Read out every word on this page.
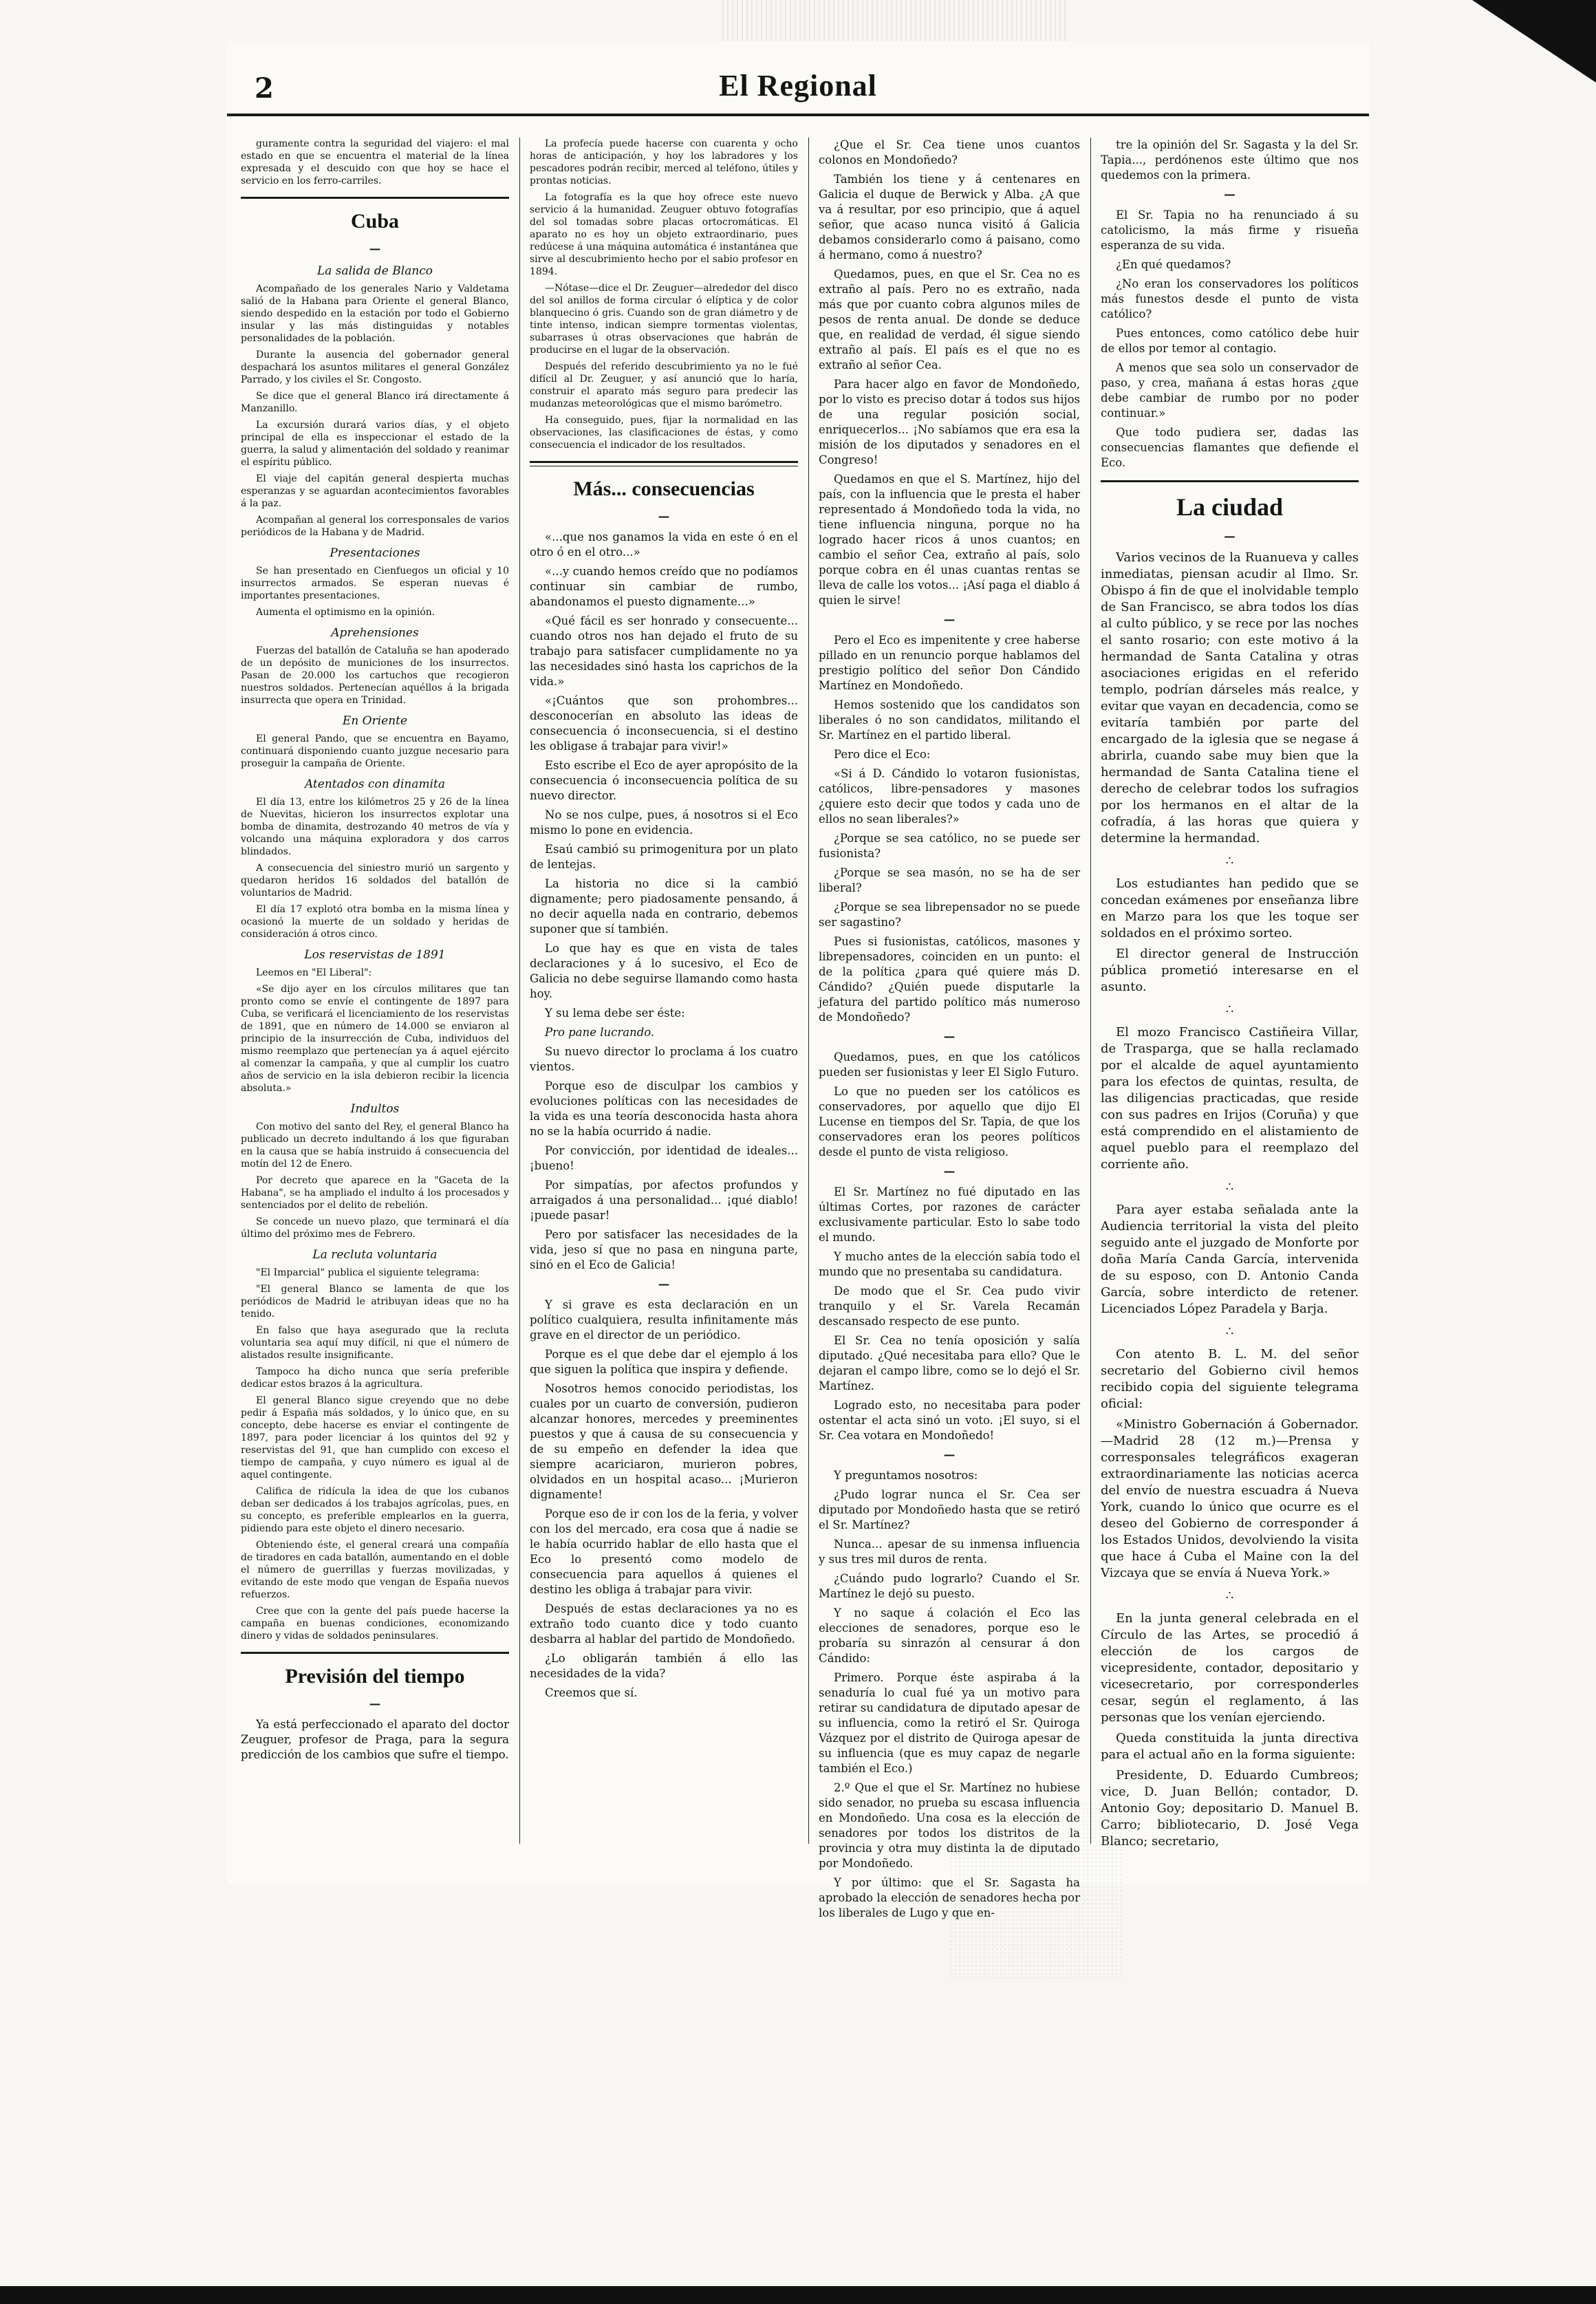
2	El Regional

guramente contra la seguridad del viajero: el mal estado en que se encuentra el material de la línea expresada y el descuido con que hoy se hace el servicio en los ferro-carriles.

Cuba
—
La salida de Blanco

Acompañado de los generales Nario y Valdetama salió de la Habana para Oriente el general Blanco, siendo despedido en la estación por todo el Gobierno insular y las más distinguidas y notables personalidades de la población.

Durante la ausencia del gobernador general despachará los asuntos militares el general González Parrado, y los civiles el Sr. Congosto.

Se dice que el general Blanco irá directamente á Manzanillo.

La excursión durará varios días, y el objeto principal de ella es inspeccionar el estado de la guerra, la salud y alimentación del soldado y reanimar el espíritu público.

El viaje del capitán general despierta muchas esperanzas y se aguardan acontecimientos favorables á la paz.

Acompañan al general los corresponsales de varios periódicos de la Habana y de Madrid.

Presentaciones

Se han presentado en Cienfuegos un oficial y 10 insurrectos armados. Se esperan nuevas é importantes presentaciones.

Aumenta el optimismo en la opinión.

Aprehensiones

Fuerzas del batallón de Cataluña se han apoderado de un depósito de municiones de los insurrectos. Pasan de 20.000 los cartuchos que recogieron nuestros soldados. Pertenecían aquéllos á la brigada insurrecta que opera en Trinidad.

En Oriente

El general Pando, que se encuentra en Bayamo, continuará disponiendo cuanto juzgue necesario para proseguir la campaña de Oriente.

Atentados con dinamita

El día 13, entre los kilómetros 25 y 26 de la línea de Nuevitas, hicieron los insurrectos explotar una bomba de dinamita, destrozando 40 metros de vía y volcando una máquina exploradora y dos carros blindados.

A consecuencia del siniestro murió un sargento y quedaron heridos 16 soldados del batallón de voluntarios de Madrid.

El día 17 explotó otra bomba en la misma línea y ocasionó la muerte de un soldado y heridas de consideración á otros cinco.

Los reservistas de 1891

Leemos en "El Liberal":

«Se dijo ayer en los círculos militares que tan pronto como se envíe el contingente de 1897 para Cuba, se verificará el licenciamiento de los reservistas de 1891, que en número de 14.000 se enviaron al principio de la insurrección de Cuba, individuos del mismo reemplazo que pertenecían ya á aquel ejército al comenzar la campaña, y que al cumplir los cuatro años de servicio en la isla debieron recibir la licencia absoluta.»

Indultos

Con motivo del santo del Rey, el general Blanco ha publicado un decreto indultando á los que figuraban en la causa que se había instruido á consecuencia del motín del 12 de Enero.

Por decreto que aparece en la "Gaceta de la Habana", se ha ampliado el indulto á los procesados y sentenciados por el delito de rebelión.

Se concede un nuevo plazo, que terminará el día último del próximo mes de Febrero.

La recluta voluntaria

"El Imparcial" publica el siguiente telegrama:

"El general Blanco se lamenta de que los periódicos de Madrid le atribuyan ideas que no ha tenido.

En falso que haya asegurado que la recluta voluntaria sea aquí muy difícil, ni que el número de alistados resulte insignificante.

Tampoco ha dicho nunca que sería preferible dedicar estos brazos á la agricultura.

El general Blanco sigue creyendo que no debe pedir á España más soldados, y lo único que, en su concepto, debe hacerse es enviar el contingente de 1897, para poder licenciar á los quintos del 92 y reservistas del 91, que han cumplido con exceso el tiempo de campaña, y cuyo número es igual al de aquel contingente.

Califica de ridícula la idea de que los cubanos deban ser dedicados á los trabajos agrícolas, pues, en su concepto, es preferible emplearlos en la guerra, pidiendo para este objeto el dinero necesario.

Obteniendo éste, el general creará una compañía de tiradores en cada batallón, aumentando en el doble el número de guerrillas y fuerzas movilizadas, y evitando de este modo que vengan de España nuevos refuerzos.

Cree que con la gente del país puede hacerse la campaña en buenas condiciones, economizando dinero y vidas de soldados peninsulares.

Previsión del tiempo
—

Ya está perfeccionado el aparato del doctor Zeuguer, profesor de Praga, para la segura predicción de los cambios que sufre el tiempo.

La profecía puede hacerse con cuarenta y ocho horas de anticipación, y hoy los labradores y los pescadores podrán recibir, merced al teléfono, útiles y prontas noticias.

La fotografía es la que hoy ofrece este nuevo servicio á la humanidad. Zeuguer obtuvo fotografías del sol tomadas sobre placas ortocromáticas. El aparato no es hoy un objeto extraordinario, pues redúcese á una máquina automática é instantánea que sirve al descubrimiento hecho por el sabio profesor en 1894.

—Nótase—dice el Dr. Zeuguer—alrededor del disco del sol anillos de forma circular ó elíptica y de color blanquecino ó gris. Cuando son de gran diámetro y de tinte intenso, indican siempre tormentas violentas, subarrases ú otras observaciones que habrán de producirse en el lugar de la observación.

Después del referido descubrimiento ya no le fué difícil al Dr. Zeuguer, y así anunció que lo haría, construir el aparato más seguro para predecir las mudanzas meteorológicas que el mismo barómetro.

Ha conseguido, pues, fijar la normalidad en las observaciones, las clasificaciones de éstas, y como consecuencia el indicador de los resultados.

Más... consecuencias
—

«...que nos ganamos la vida en este ó en el otro ó en el otro...»

«...y cuando hemos creído que no podíamos continuar sin cambiar de rumbo, abandonamos el puesto dignamente...»

«Qué fácil es ser honrado y consecuente... cuando otros nos han dejado el fruto de su trabajo para satisfacer cumplidamente no ya las necesidades sinó hasta los caprichos de la vida.»

«¡Cuántos que son prohombres... desconocerían en absoluto las ideas de consecuencia ó inconsecuencia, si el destino les obligase á trabajar para vivir!»

Esto escribe el Eco de ayer apropósito de la consecuencia ó inconsecuencia política de su nuevo director.

No se nos culpe, pues, á nosotros si el Eco mismo lo pone en evidencia.

Esaú cambió su primogenitura por un plato de lentejas.

La historia no dice si la cambió dignamente; pero piadosamente pensando, á no decir aquella nada en contrario, debemos suponer que sí también.

Lo que hay es que en vista de tales declaraciones y á lo sucesivo, el Eco de Galicia no debe seguirse llamando como hasta hoy.

Y su lema debe ser éste:

Pro pane lucrando.

Su nuevo director lo proclama á los cuatro vientos.

Porque eso de disculpar los cambios y evoluciones políticas con las necesidades de la vida es una teoría desconocida hasta ahora no se la había ocurrido á nadie.

Por convicción, por identidad de ideales... ¡bueno!

Por simpatías, por afectos profundos y arraigados á una personalidad... ¡qué diablo! ¡puede pasar!

Pero por satisfacer las necesidades de la vida, jeso sí que no pasa en ninguna parte, sinó en el Eco de Galicia!

—

Y si grave es esta declaración en un político cualquiera, resulta infinitamente más grave en el director de un periódico.

Porque es el que debe dar el ejemplo á los que siguen la política que inspira y defiende.

Nosotros hemos conocido periodistas, los cuales por un cuarto de conversión, pudieron alcanzar honores, mercedes y preeminentes puestos y que á causa de su consecuencia y de su empeño en defender la idea que siempre acariciaron, murieron pobres, olvidados en un hospital acaso... ¡Murieron dignamente!

Porque eso de ir con los de la feria, y volver con los del mercado, era cosa que á nadie se le había ocurrido hablar de ello hasta que el Eco lo presentó como modelo de consecuencia para aquellos á quienes el destino les obliga á trabajar para vivir.

Después de estas declaraciones ya no es extraño todo cuanto dice y todo cuanto desbarra al hablar del partido de Mondoñedo.

¿Lo obligarán también á ello las necesidades de la vida?

Creemos que sí.

¿Que el Sr. Cea tiene unos cuantos colonos en Mondoñedo?

También los tiene y á centenares en Galicia el duque de Berwick y Alba. ¿A que va á resultar, por eso principio, que á aquel señor, que acaso nunca visitó á Galicia debamos considerarlo como á paisano, como á hermano, como á nuestro?

Quedamos, pues, en que el Sr. Cea no es extraño al país. Pero no es extraño, nada más que por cuanto cobra algunos miles de pesos de renta anual. De donde se deduce que, en realidad de verdad, él sigue siendo extraño al país. El país es el que no es extraño al señor Cea.

Para hacer algo en favor de Mondoñedo, por lo visto es preciso dotar á todos sus hijos de una regular posición social, enriquecerlos... ¡No sabíamos que era esa la misión de los diputados y senadores en el Congreso!

Quedamos en que el S. Martínez, hijo del país, con la influencia que le presta el haber representado á Mondoñedo toda la vida, no tiene influencia ninguna, porque no ha logrado hacer ricos á unos cuantos; en cambio el señor Cea, extraño al país, solo porque cobra en él unas cuantas rentas se lleva de calle los votos... ¡Así paga el diablo á quien le sirve!

—

Pero el Eco es impenitente y cree haberse pillado en un renuncio porque hablamos del prestigio político del señor Don Cándido Martínez en Mondoñedo.

Hemos sostenido que los candidatos son liberales ó no son candidatos, militando el Sr. Martínez en el partido liberal.

Pero dice el Eco:

«Si á D. Cándido lo votaron fusionistas, católicos, libre-pensadores y masones ¿quiere esto decir que todos y cada uno de ellos no sean liberales?»

¿Porque se sea católico, no se puede ser fusionista?

¿Porque se sea masón, no se ha de ser liberal?

¿Porque se sea librepensador no se puede ser sagastino?

Pues si fusionistas, católicos, masones y librepensadores, coinciden en un punto: el de la política ¿para qué quiere más D. Cándido? ¿Quién puede disputarle la jefatura del partido político más numeroso de Mondoñedo?

—

Quedamos, pues, en que los católicos pueden ser fusionistas y leer El Siglo Futuro.

Lo que no pueden ser los católicos es conservadores, por aquello que dijo El Lucense en tiempos del Sr. Tapia, de que los conservadores eran los peores políticos desde el punto de vista religioso.

—

El Sr. Martínez no fué diputado en las últimas Cortes, por razones de carácter exclusivamente particular. Esto lo sabe todo el mundo.

Y mucho antes de la elección sabía todo el mundo que no presentaba su candidatura.

De modo que el Sr. Cea pudo vivir tranquilo y el Sr. Varela Recamán descansado respecto de ese punto.

El Sr. Cea no tenía oposición y salía diputado. ¿Qué necesitaba para ello? Que le dejaran el campo libre, como se lo dejó el Sr. Martínez.

Logrado esto, no necesitaba para poder ostentar el acta sinó un voto. ¡El suyo, si el Sr. Cea votara en Mondoñedo!

—

Y preguntamos nosotros:

¿Pudo lograr nunca el Sr. Cea ser diputado por Mondoñedo hasta que se retiró el Sr. Martínez?

Nunca... apesar de su inmensa influencia y sus tres mil duros de renta.

¿Cuándo pudo lograrlo? Cuando el Sr. Martínez le dejó su puesto.

Y no saque á colación el Eco las elecciones de senadores, porque eso le probaría su sinrazón al censurar á don Cándido:

Primero. Porque éste aspiraba á la senaduría lo cual fué ya un motivo para retirar su candidatura de diputado apesar de su influencia, como la retiró el Sr. Quiroga Vázquez por el distrito de Quiroga apesar de su influencia (que es muy capaz de negarle también el Eco.)

2.º Que el que el Sr. Martínez no hubiese sido senador, no prueba su escasa influencia en Mondoñedo. Una cosa es la elección de senadores por todos los distritos de la provincia y otra muy distinta la de diputado por Mondoñedo.

Y por último: que el Sr. Sagasta ha aprobado la elección de senadores hecha por los liberales de Lugo y que en-

tre la opinión del Sr. Sagasta y la del Sr. Tapia..., perdónenos este último que nos quedemos con la primera.

—

El Sr. Tapia no ha renunciado á su catolicismo, la más firme y risueña esperanza de su vida.

¿En qué quedamos?

¿No eran los conservadores los políticos más funestos desde el punto de vista católico?

Pues entonces, como católico debe huir de ellos por temor al contagio.

A menos que sea solo un conservador de paso, y crea, mañana á estas horas ¿que debe cambiar de rumbo por no poder continuar.»

Que todo pudiera ser, dadas las consecuencias flamantes que defiende el Eco.

La ciudad
—

Varios vecinos de la Ruanueva y calles inmediatas, piensan acudir al Ilmo. Sr. Obispo á fin de que el inolvidable templo de San Francisco, se abra todos los días al culto público, y se rece por las noches el santo rosario; con este motivo á la hermandad de Santa Catalina y otras asociaciones erigidas en el referido templo, podrían dárseles más realce, y evitar que vayan en decadencia, como se evitaría también por parte del encargado de la iglesia que se negase á abrirla, cuando sabe muy bien que la hermandad de Santa Catalina tiene el derecho de celebrar todos los sufragios por los hermanos en el altar de la cofradía, á las horas que quiera y determine la hermandad.

∴

Los estudiantes han pedido que se concedan exámenes por enseñanza libre en Marzo para los que les toque ser soldados en el próximo sorteo.

El director general de Instrucción pública prometió interesarse en el asunto.

∴

El mozo Francisco Castiñeira Villar, de Trasparga, que se halla reclamado por el alcalde de aquel ayuntamiento para los efectos de quintas, resulta, de las diligencias practicadas, que reside con sus padres en Irijos (Coruña) y que está comprendido en el alistamiento de aquel pueblo para el reemplazo del corriente año.

∴

Para ayer estaba señalada ante la Audiencia territorial la vista del pleito seguido ante el juzgado de Monforte por doña María Canda García, intervenida de su esposo, con D. Antonio Canda García, sobre interdicto de retener. Licenciados López Paradela y Barja.

∴

Con atento B. L. M. del señor secretario del Gobierno civil hemos recibido copia del siguiente telegrama oficial:

«Ministro Gobernación á Gobernador.—Madrid 28 (12 m.)—Prensa y corresponsales telegráficos exageran extraordinariamente las noticias acerca del envío de nuestra escuadra á Nueva York, cuando lo único que ocurre es el deseo del Gobierno de corresponder á los Estados Unidos, devolviendo la visita que hace á Cuba el Maine con la del Vizcaya que se envía á Nueva York.»

∴

En la junta general celebrada en el Círculo de las Artes, se procedió á elección de los cargos de vicepresidente, contador, depositario y vicesecretario, por corresponderles cesar, según el reglamento, á las personas que los venían ejerciendo.

Queda constituida la junta directiva para el actual año en la forma siguiente:

Presidente, D. Eduardo Cumbreos; vice, D. Juan Bellón; contador, D. Antonio Goy; depositario D. Manuel B. Carro; bibliotecario, D. José Vega Blanco; secretario,
